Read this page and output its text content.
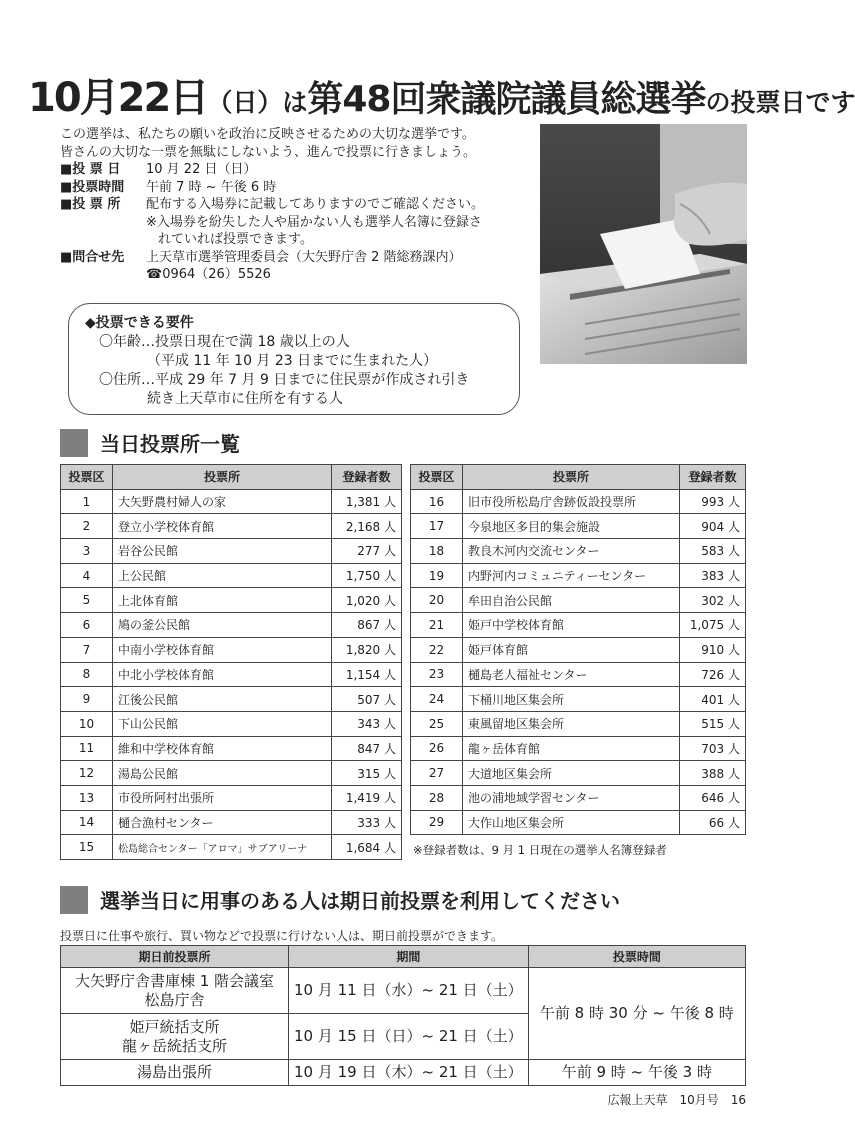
10月22日（日）は第48回衆議院議員総選挙の投票日です

この選挙は、私たちの願いを政治に反映させるための大切な選挙です。

皆さんの大切な一票を無駄にしないよう、進んで投票に行きましょう。

■投 票 日	10 月 22 日（日）
■投票時間	午前 7 時 ~ 午後 6 時
■投 票 所	配布する入場券に記載してありますのでご確認ください。

※入場券を紛失した人や届かない人も選挙人名簿に登録さ

れていれば投票できます。

■問合せ先	上天草市選挙管理委員会（大矢野庁舎 2 階総務課内）

☎0964（26）5526

◆投票できる要件

〇年齢…投票日現在で満 18 歳以上の人

（平成 11 年 10 月 23 日までに生まれた人）

〇住所…平成 29 年 7 月 9 日までに住民票が作成され引き

続き上天草市に住所を有する人

当日投票所一覧
投票区	投票所	登録者数
1	大矢野農村婦人の家	1,381 人
2	登立小学校体育館	2,168 人
3	岩谷公民館	277 人
4	上公民館	1,750 人
5	上北体育館	1,020 人
6	鳩の釜公民館	867 人
7	中南小学校体育館	1,820 人
8	中北小学校体育館	1,154 人
9	江後公民館	507 人
10	下山公民館	343 人
11	維和中学校体育館	847 人
12	湯島公民館	315 人
13	市役所阿村出張所	1,419 人
14	樋合漁村センター	333 人
15	松島総合センター「アロマ」サブアリーナ	1,684 人
投票区	投票所	登録者数
16	旧市役所松島庁舎跡仮設投票所	993 人
17	今泉地区多目的集会施設	904 人
18	教良木河内交流センター	583 人
19	内野河内コミュニティーセンター	383 人
20	牟田自治公民館	302 人
21	姫戸中学校体育館	1,075 人
22	姫戸体育館	910 人
23	樋島老人福祉センター	726 人
24	下桶川地区集会所	401 人
25	東風留地区集会所	515 人
26	龍ヶ岳体育館	703 人
27	大道地区集会所	388 人
28	池の浦地域学習センター	646 人
29	大作山地区集会所	66 人

※登録者数は、9 月 1 日現在の選挙人名簿登録者

選挙当日に用事のある人は期日前投票を利用してください

投票日に仕事や旅行、買い物などで投票に行けない人は、期日前投票ができます。

期日前投票所	期間	投票時間

大矢野庁舎書庫棟 1 階会議室
松島庁舎	10 月 11 日（水）~ 21 日（土）	午前 8 時 30 分 ~ 午後 8 時

姫戸統括支所
龍ヶ岳統括支所	10 月 15 日（日）~ 21 日（土）	
湯島出張所	10 月 19 日（木）~ 21 日（土）	午前 9 時 ~ 午後 3 時

広報上天草　10月号　16
